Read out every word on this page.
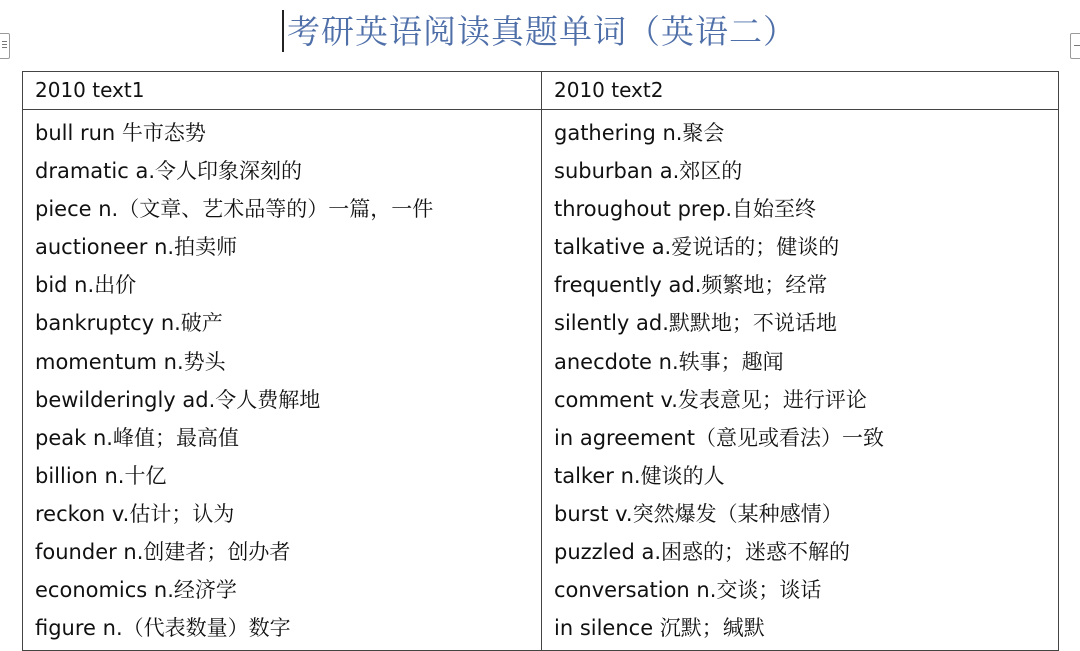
考研英语阅读真题单词（英语二）
2010 text1	2010 text2
bull run 牛市态势
dramatic a.令人印象深刻的
piece n.（文章、艺术品等的）一篇，一件
auctioneer n.拍卖师
bid n.出价
bankruptcy n.破产
momentum n.势头
bewilderingly ad.令人费解地
peak n.峰值；最高值
billion n.十亿
reckon v.估计；认为
founder n.创建者；创办者
economics n.经济学
figure n.（代表数量）数字
gathering n.聚会
suburban a.郊区的
throughout prep.自始至终
talkative a.爱说话的；健谈的
frequently ad.频繁地；经常
silently ad.默默地；不说话地
anecdote n.轶事；趣闻
comment v.发表意见；进行评论
in agreement（意见或看法）一致
talker n.健谈的人
burst v.突然爆发（某种感情）
puzzled a.困惑的；迷惑不解的
conversation n.交谈；谈话
in silence 沉默；缄默
